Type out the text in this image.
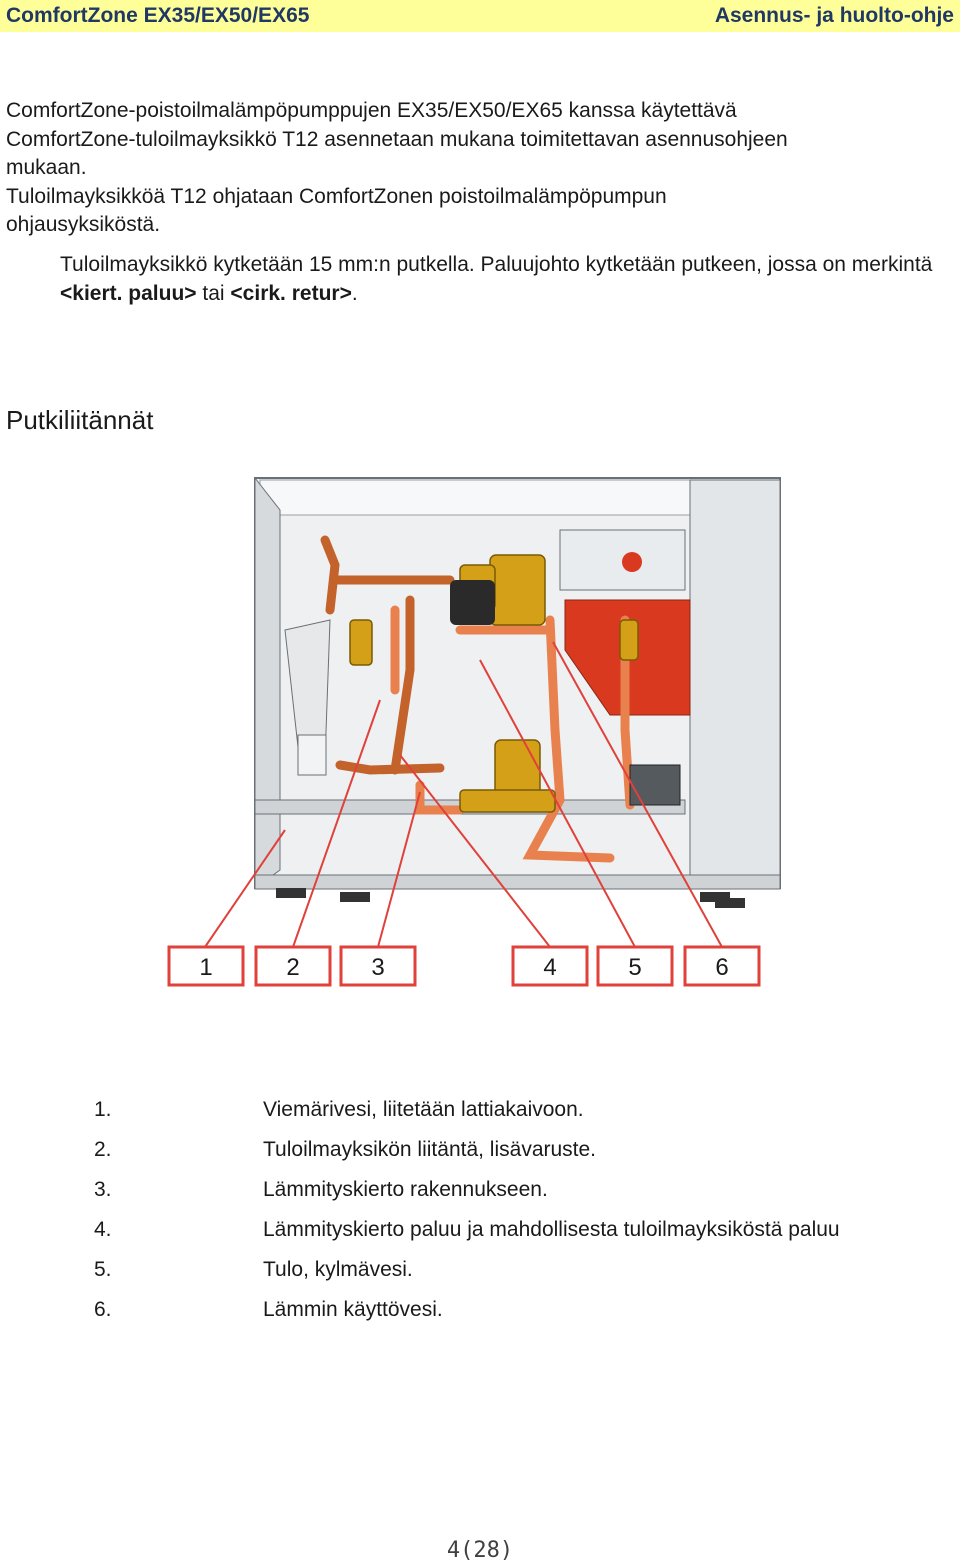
ComfortZone EX35/EX50/EX65	Asennus- ja huolto-ohje
ComfortZone-poistoilmalämpöpumppujen EX35/EX50/EX65 kanssa käytettävä
ComfortZone-tuloilmayksikkö T12 asennetaan mukana toimitettavan asennusohjeen
mukaan.
Tuloilmayksikköä T12 ohjataan ComfortZonen poistoilmalämpöpumpun
ohjausyksiköstä.
Tuloilmayksikkö kytketään 15 mm:n putkella. Paluujohto kytketään putkeen, jossa on merkintä <kiert. paluu> tai <cirk. retur>.
Putkiliitännät
1	2	3	4	5	6
1.	Viemärivesi, liitetään lattiakaivoon.
2.	Tuloilmayksikön liitäntä, lisävaruste.
3.	Lämmityskierto rakennukseen.
4.	Lämmityskierto paluu ja mahdollisesta tuloilmayksiköstä paluu
5.	Tulo, kylmävesi.
6.	Lämmin käyttövesi.
4(28)
